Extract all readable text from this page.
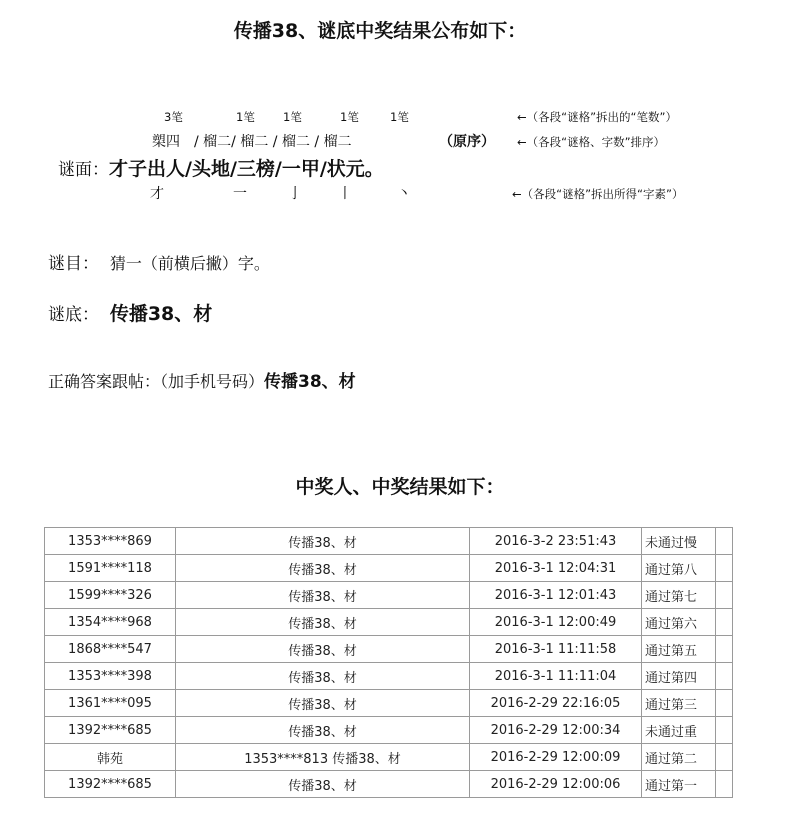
传播38、谜底中奖结果公布如下：
3笔	1笔 1笔	1笔	1笔	←（各段“谜格”拆出的“笔数”）
槊四　/ 榴二/ 榴二 / 榴二 / 榴二	（原序） ←（各段“谜格、字数”排序）
谜面：才子出人/头地/三榜/一甲/状元。
才	一	亅	丨	丶	←（各段“谜格”拆出所得“字素”）
谜目： 猜一（前横后撇）字。
谜底： 传播38、材
正确答案跟帖：（加手机号码）传播38、材
中奖人、中奖结果如下：
1353****869	传播38、材	2016-3-2 23:51:43	未通过慢	
1591****118	传播38、材	2016-3-1 12:04:31	通过第八	
1599****326	传播38、材	2016-3-1 12:01:43	通过第七	
1354****968	传播38、材	2016-3-1 12:00:49	通过第六	
1868****547	传播38、材	2016-3-1 11:11:58	通过第五	
1353****398	传播38、材	2016-3-1 11:11:04	通过第四	
1361****095	传播38、材	2016-2-29 22:16:05	通过第三	
1392****685	传播38、材	2016-2-29 12:00:34	未通过重	
韩苑	1353****813 传播38、材	2016-2-29 12:00:09	通过第二	
1392****685	传播38、材	2016-2-29 12:00:06	通过第一	
